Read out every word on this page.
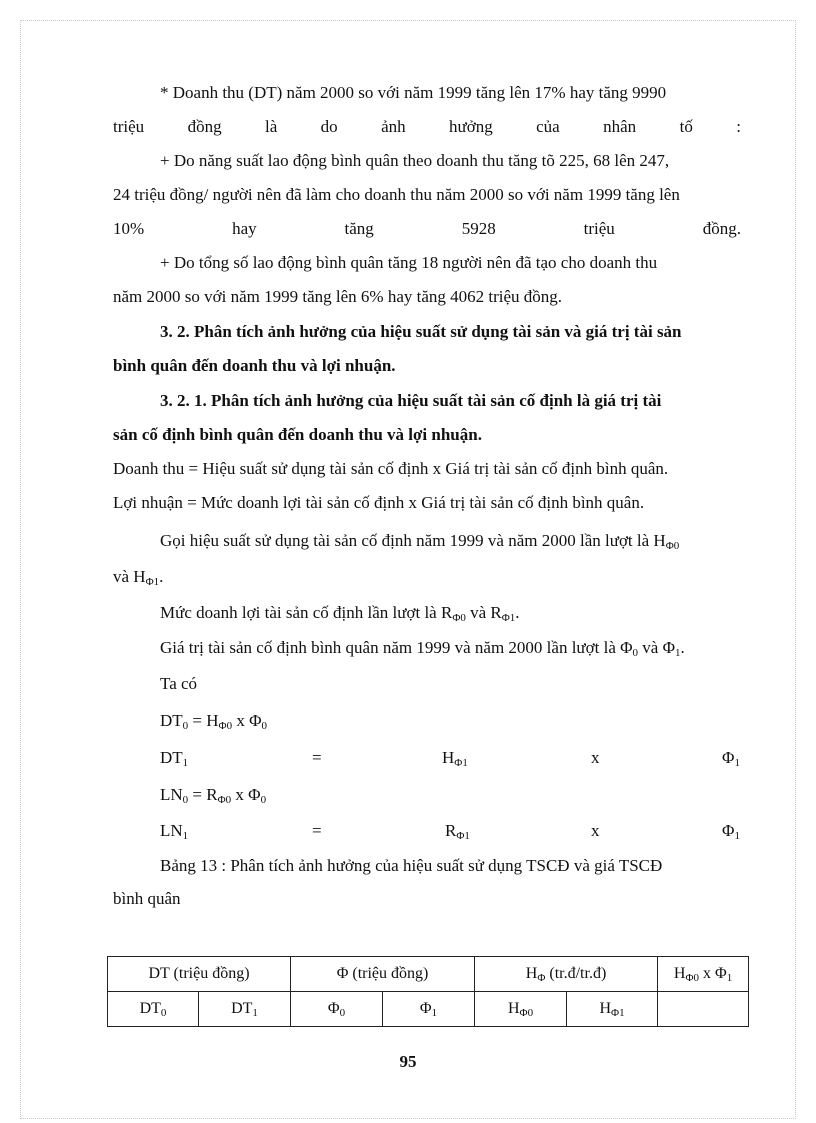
* Doanh thu (DT) năm 2000 so với năm 1999 tăng lên 17% hay tăng 9990
triệu	đồng	là	do	ảnh	hưởng	của	nhân	tố	:
+ Do năng suất lao động bình quân theo doanh thu tăng tõ 225, 68 lên 247,
24 triệu đồng/ người nên đã làm cho doanh thu năm 2000 so với năm 1999 tăng lên
10%	hay	tăng	5928	triệu	đồng.
+ Do tổng số lao động bình quân tăng 18 người nên đã tạo cho doanh thu
năm 2000 so với năm 1999 tăng lên 6% hay tăng 4062 triệu đồng.
3. 2. Phân tích ảnh hưởng của hiệu suất sử dụng tài sản và giá trị tài sản
bình quân đến doanh thu và lợi nhuận.
3. 2. 1. Phân tích ảnh hưởng của hiệu suất tài sản cố định là giá trị tài
sản cố định bình quân đến doanh thu và lợi nhuận.
Doanh thu = Hiệu suất sử dụng tài sản cố định x Giá trị tài sản cố định bình quân.
Lợi nhuận = Mức doanh lợi tài sản cố định x Giá trị tài sản cố định bình quân.
Gọi hiệu suất sử dụng tài sản cố định năm 1999 và năm 2000 lần lượt là $H_{\Phi 0}$
và $H_{\Phi 1}$.
Mức doanh lợi tài sản cố định lần lượt là $R_{\Phi 0}$ và $R_{\Phi 1}$.
Giá trị tài sản cố định bình quân năm 1999 và năm 2000 lần lượt là $\Phi_0$ và $\Phi_1$.
Ta có
$DT_0 = H_{\Phi 0}$ x $\Phi_0$
$DT_1$	=	$H_{\Phi 1}$	x	$\Phi_1$
$LN_0 = R_{\Phi 0}$ x $\Phi_0$
$LN_1$	=	$R_{\Phi 1}$	x	$\Phi_1$
Bảng 13 : Phân tích ảnh hưởng của hiệu suất sử dụng TSCĐ và giá TSCĐ
bình quân
DT (triệu đồng)		Φ (triệu đồng)		$H_\Phi$ (tr.đ/tr.đ)		$H_{\Phi 0}$ x $\Phi_1$
$DT_0$	$DT_1$	$\Phi_0$	$\Phi_1$	$H_{\Phi 0}$	$H_{\Phi 1}$	
95
